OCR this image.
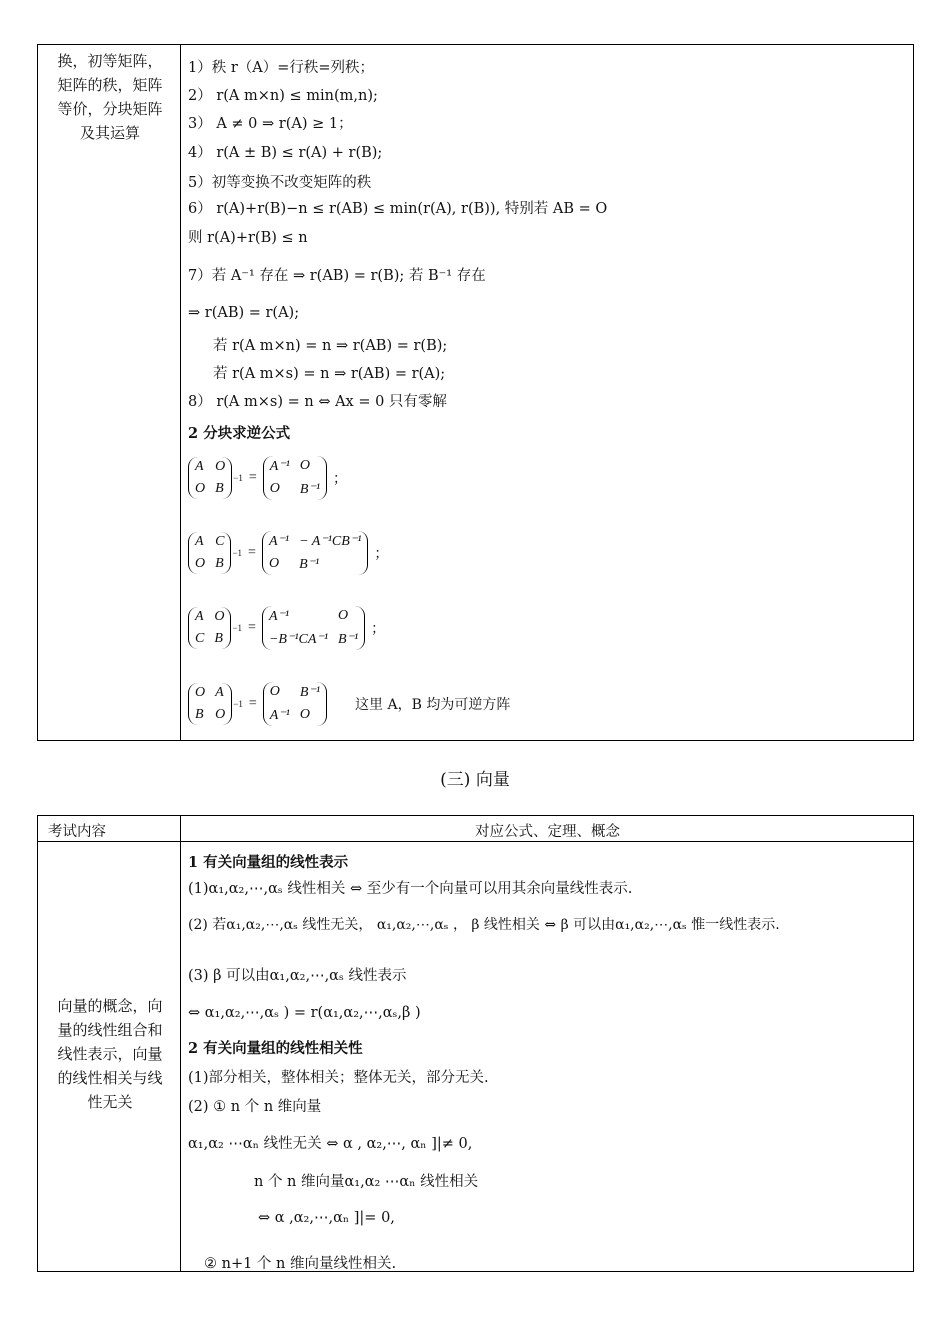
换，初等矩阵，
矩阵的秩，矩阵
等价，分块矩阵
及其运算
1）秩 r（A）=行秩=列秩；
2） r(A m×n) ≤ min(m,n);
3） A ≠ 0 ⇒ r(A) ≥ 1；
4） r(A ± B) ≤ r(A) + r(B);
5）初等变换不改变矩阵的秩
6） r(A)+r(B)−n ≤ r(AB) ≤ min(r(A), r(B)), 特别若 AB = O
则 r(A)+r(B) ≤ n
7）若 A⁻¹ 存在 ⇒ r(AB) = r(B); 若 B⁻¹ 存在
⇒ r(AB) = r(A);
若 r(A m×n) = n ⇒ r(AB) = r(B);
若 r(A m×s) = n ⇒ r(AB) = r(A);
8） r(A m×s) = n ⇔ Ax = 0 只有零解
2 分块求逆公式
A O
O B
−1 =
A⁻¹ O
O	B⁻¹
；
A C
O B
−1 =
A⁻¹ − A⁻¹CB⁻¹
O	B⁻¹
；
A O
C B
−1 =
A⁻¹	O
−B⁻¹CA⁻¹ B⁻¹
；
O A
B O
−1 =
O	B⁻¹
A⁻¹ O
这里 A，B 均为可逆方阵
(三) 向量
考试内容	对应公式、定理、概念
向量的概念，向
量的线性组合和
线性表示，向量
的线性相关与线
性无关
1 有关向量组的线性表示
(1)α₁,α₂,⋯,αₛ 线性相关 ⇔ 至少有一个向量可以用其余向量线性表示.
(2) 若α₁,α₂,⋯,αₛ 线性无关， α₁,α₂,⋯,αₛ ， β 线性相关 ⇔ β 可以由α₁,α₂,⋯,αₛ 惟一线性表示.
(3) β 可以由α₁,α₂,⋯,αₛ 线性表示
⇔ α₁,α₂,⋯,αₛ ) = r(α₁,α₂,⋯,αₛ,β )
2 有关向量组的线性相关性
(1)部分相关，整体相关；整体无关，部分无关.
(2) ① n 个 n 维向量
α₁,α₂ ⋯αₙ 线性无关 ⇔ α , α₂,⋯, αₙ ]|≠ 0,
n 个 n 维向量α₁,α₂ ⋯αₙ 线性相关
⇔ α ,α₂,⋯,αₙ ]|= 0,
② n+1 个 n 维向量线性相关.
